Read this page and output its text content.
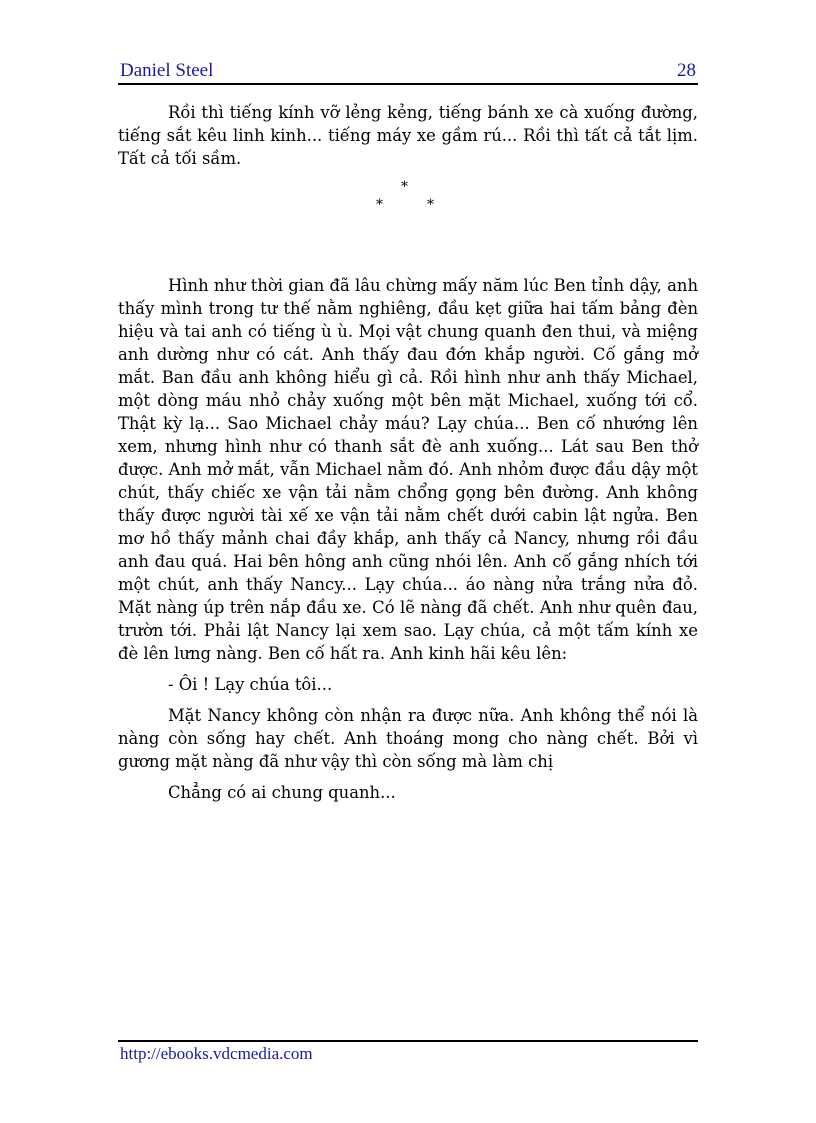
Daniel Steel	28

Rồi thì tiếng kính vỡ lẻng kẻng, tiếng bánh xe cà xuống đường, tiếng sắt kêu linh kinh... tiếng máy xe gầm rú... Rồi thì tất cả tắt lịm. Tất cả tối sầm.

*
*	*

Hình như thời gian đã lâu chừng mấy năm lúc Ben tỉnh dậy, anh thấy mình trong tư thế nằm nghiêng, đầu kẹt giữa hai tấm bảng đèn hiệu và tai anh có tiếng ù ù. Mọi vật chung quanh đen thui, và miệng anh dường như có cát. Anh thấy đau đớn khắp người. Cố gắng mở mắt. Ban đầu anh không hiểu gì cả. Rồi hình như anh thấy Michael, một dòng máu nhỏ chảy xuống một bên mặt Michael, xuống tới cổ. Thật kỳ lạ... Sao Michael chảy máu? Lạy chúa... Ben cố nhướng lên xem, nhưng hình như có thanh sắt đè anh xuống... Lát sau Ben thở được. Anh mở mắt, vẫn Michael nằm đó. Anh nhỏm được đầu dậy một chút, thấy chiếc xe vận tải nằm chổng gọng bên đường. Anh không thấy được người tài xế xe vận tải nằm chết dưới cabin lật ngửa. Ben mơ hồ thấy mảnh chai đầy khắp, anh thấy cả Nancy, nhưng rồi đầu anh đau quá. Hai bên hông anh cũng nhói lên. Anh cố gắng nhích tới một chút, anh thấy Nancy... Lạy chúa... áo nàng nửa trắng nửa đỏ. Mặt nàng úp trên nắp đầu xe. Có lẽ nàng đã chết. Anh như quên đau, trườn tới. Phải lật Nancy lại xem sao. Lạy chúa, cả một tấm kính xe đè lên lưng nàng. Ben cố hất ra. Anh kinh hãi kêu lên:

- Ôi ! Lạy chúa tôi...

Mặt Nancy không còn nhận ra được nữa. Anh không thể nói là nàng còn sống hay chết. Anh thoáng mong cho nàng chết. Bởi vì gương mặt nàng đã như vậy thì còn sống mà làm chị

Chẳng có ai chung quanh...

http://ebooks.vdcmedia.com
